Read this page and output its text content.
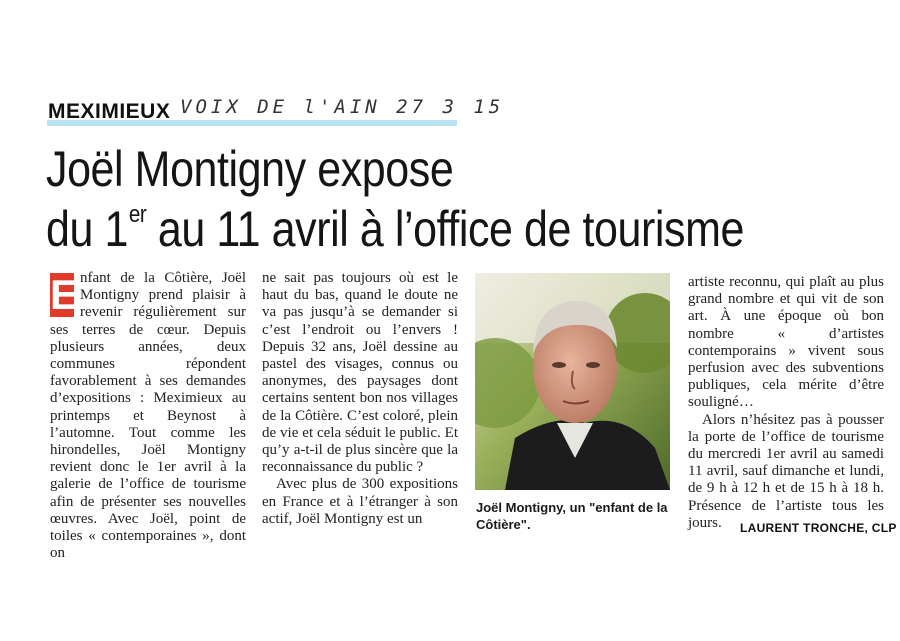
MEXIMIEUX VOIX DE l'AIN 27 3 15
Joël Montigny expose
du 1er au 11 avril à l’office de tourisme

E nfant de la Côtière, Joël Montigny prend plaisir à revenir régulièrement sur ses terres de cœur. Depuis plusieurs années, deux communes répondent favorablement à ses demandes d’expositions : Meximieux au printemps et Beynost à l’automne. Tout comme les hirondelles, Joël Montigny revient donc le 1er avril à la galerie de l’office de tourisme afin de présenter ses nouvelles œuvres. Avec Joël, point de toiles « contemporaines », dont on

ne sait pas toujours où est le haut du bas, quand le doute ne va pas jusqu’à se demander si c’est l’endroit ou l’envers ! Depuis 32 ans, Joël dessine au pastel des visages, connus ou anonymes, des paysages dont certains sentent bon nos villages de la Côtière. C’est coloré, plein de vie et cela séduit le public. Et qu’y a-t-il de plus sincère que la reconnaissance du public ?

Avec plus de 300 expositions en France et à l’étranger à son actif, Joël Montigny est un

Joël Montigny, un "enfant de la Côtière".

artiste reconnu, qui plaît au plus grand nombre et qui vit de son art. À une époque où bon nombre « d’artistes contemporains » vivent sous perfusion avec des subventions publiques, cela mérite d’être souligné…

Alors n’hésitez pas à pousser la porte de l’office de tourisme du mercredi 1er avril au samedi 11 avril, sauf dimanche et lundi, de 9 h à 12 h et de 15 h à 18 h. Présence de l’artiste tous les jours.	LAURENT TRONCHE, CLP
